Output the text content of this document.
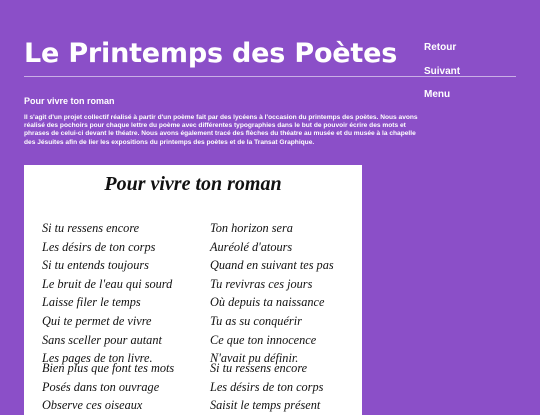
Le Printemps des Poètes	Retour
Suivant
Menu
Pour vivre ton roman

Il s'agit d'un projet collectif réalisé à partir d'un poème fait par des lycéens à l'occasion du printemps des poètes. Nous avons réalisé des pochoirs pour chaque lettre du poème avec différentes typographies dans le but de pouvoir écrire des mots et phrases de celui-ci devant le théatre. Nous avons également tracé des flèches du théatre au musée et du musée à la chapelle des Jésuites afin de lier les expositions du printemps des poètes et de la Transat Graphique.

Pour vivre ton roman
Si tu ressens encore
Les désirs de ton corps
Si tu entends toujours
Le bruit de l'eau qui sourd
Laisse filer le temps
Qui te permet de vivre
Sans sceller pour autant
Les pages de ton livre.
Ton horizon sera
Auréolé d'atours
Quand en suivant tes pas
Tu revivras ces jours
Où depuis ta naissance
Tu as su conquérir
Ce que ton innocence
N'avait pu définir.
Bien plus que font tes mots
Posés dans ton ouvrage
Observe ces oiseaux
Si tu ressens encore
Les désirs de ton corps
Saisit le temps présent
